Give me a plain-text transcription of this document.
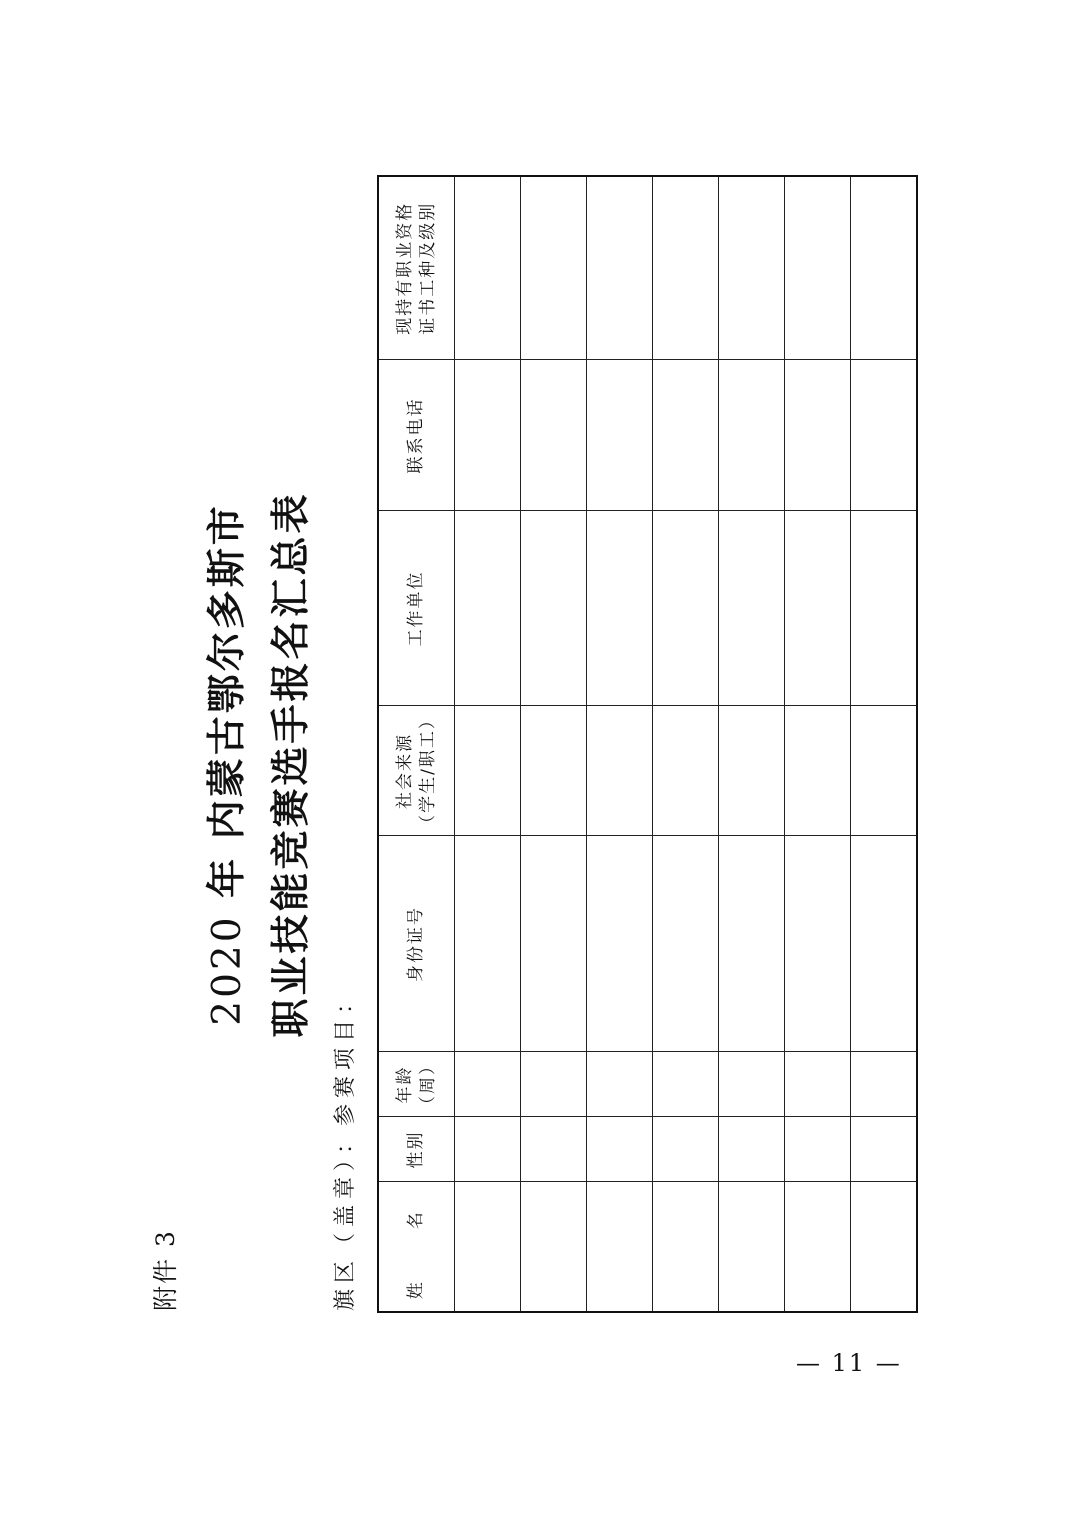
附件 3
2020 年 内蒙古鄂尔多斯市 职业技能竞赛选手报名汇总表
旗区（盖章）：参赛项目：	姓　名	性别	年龄 （周）	身份证号	社会来源 （学生/职工）	工作单位	联系电话	现持有职业资格 证书工种及级别

— 11 —
